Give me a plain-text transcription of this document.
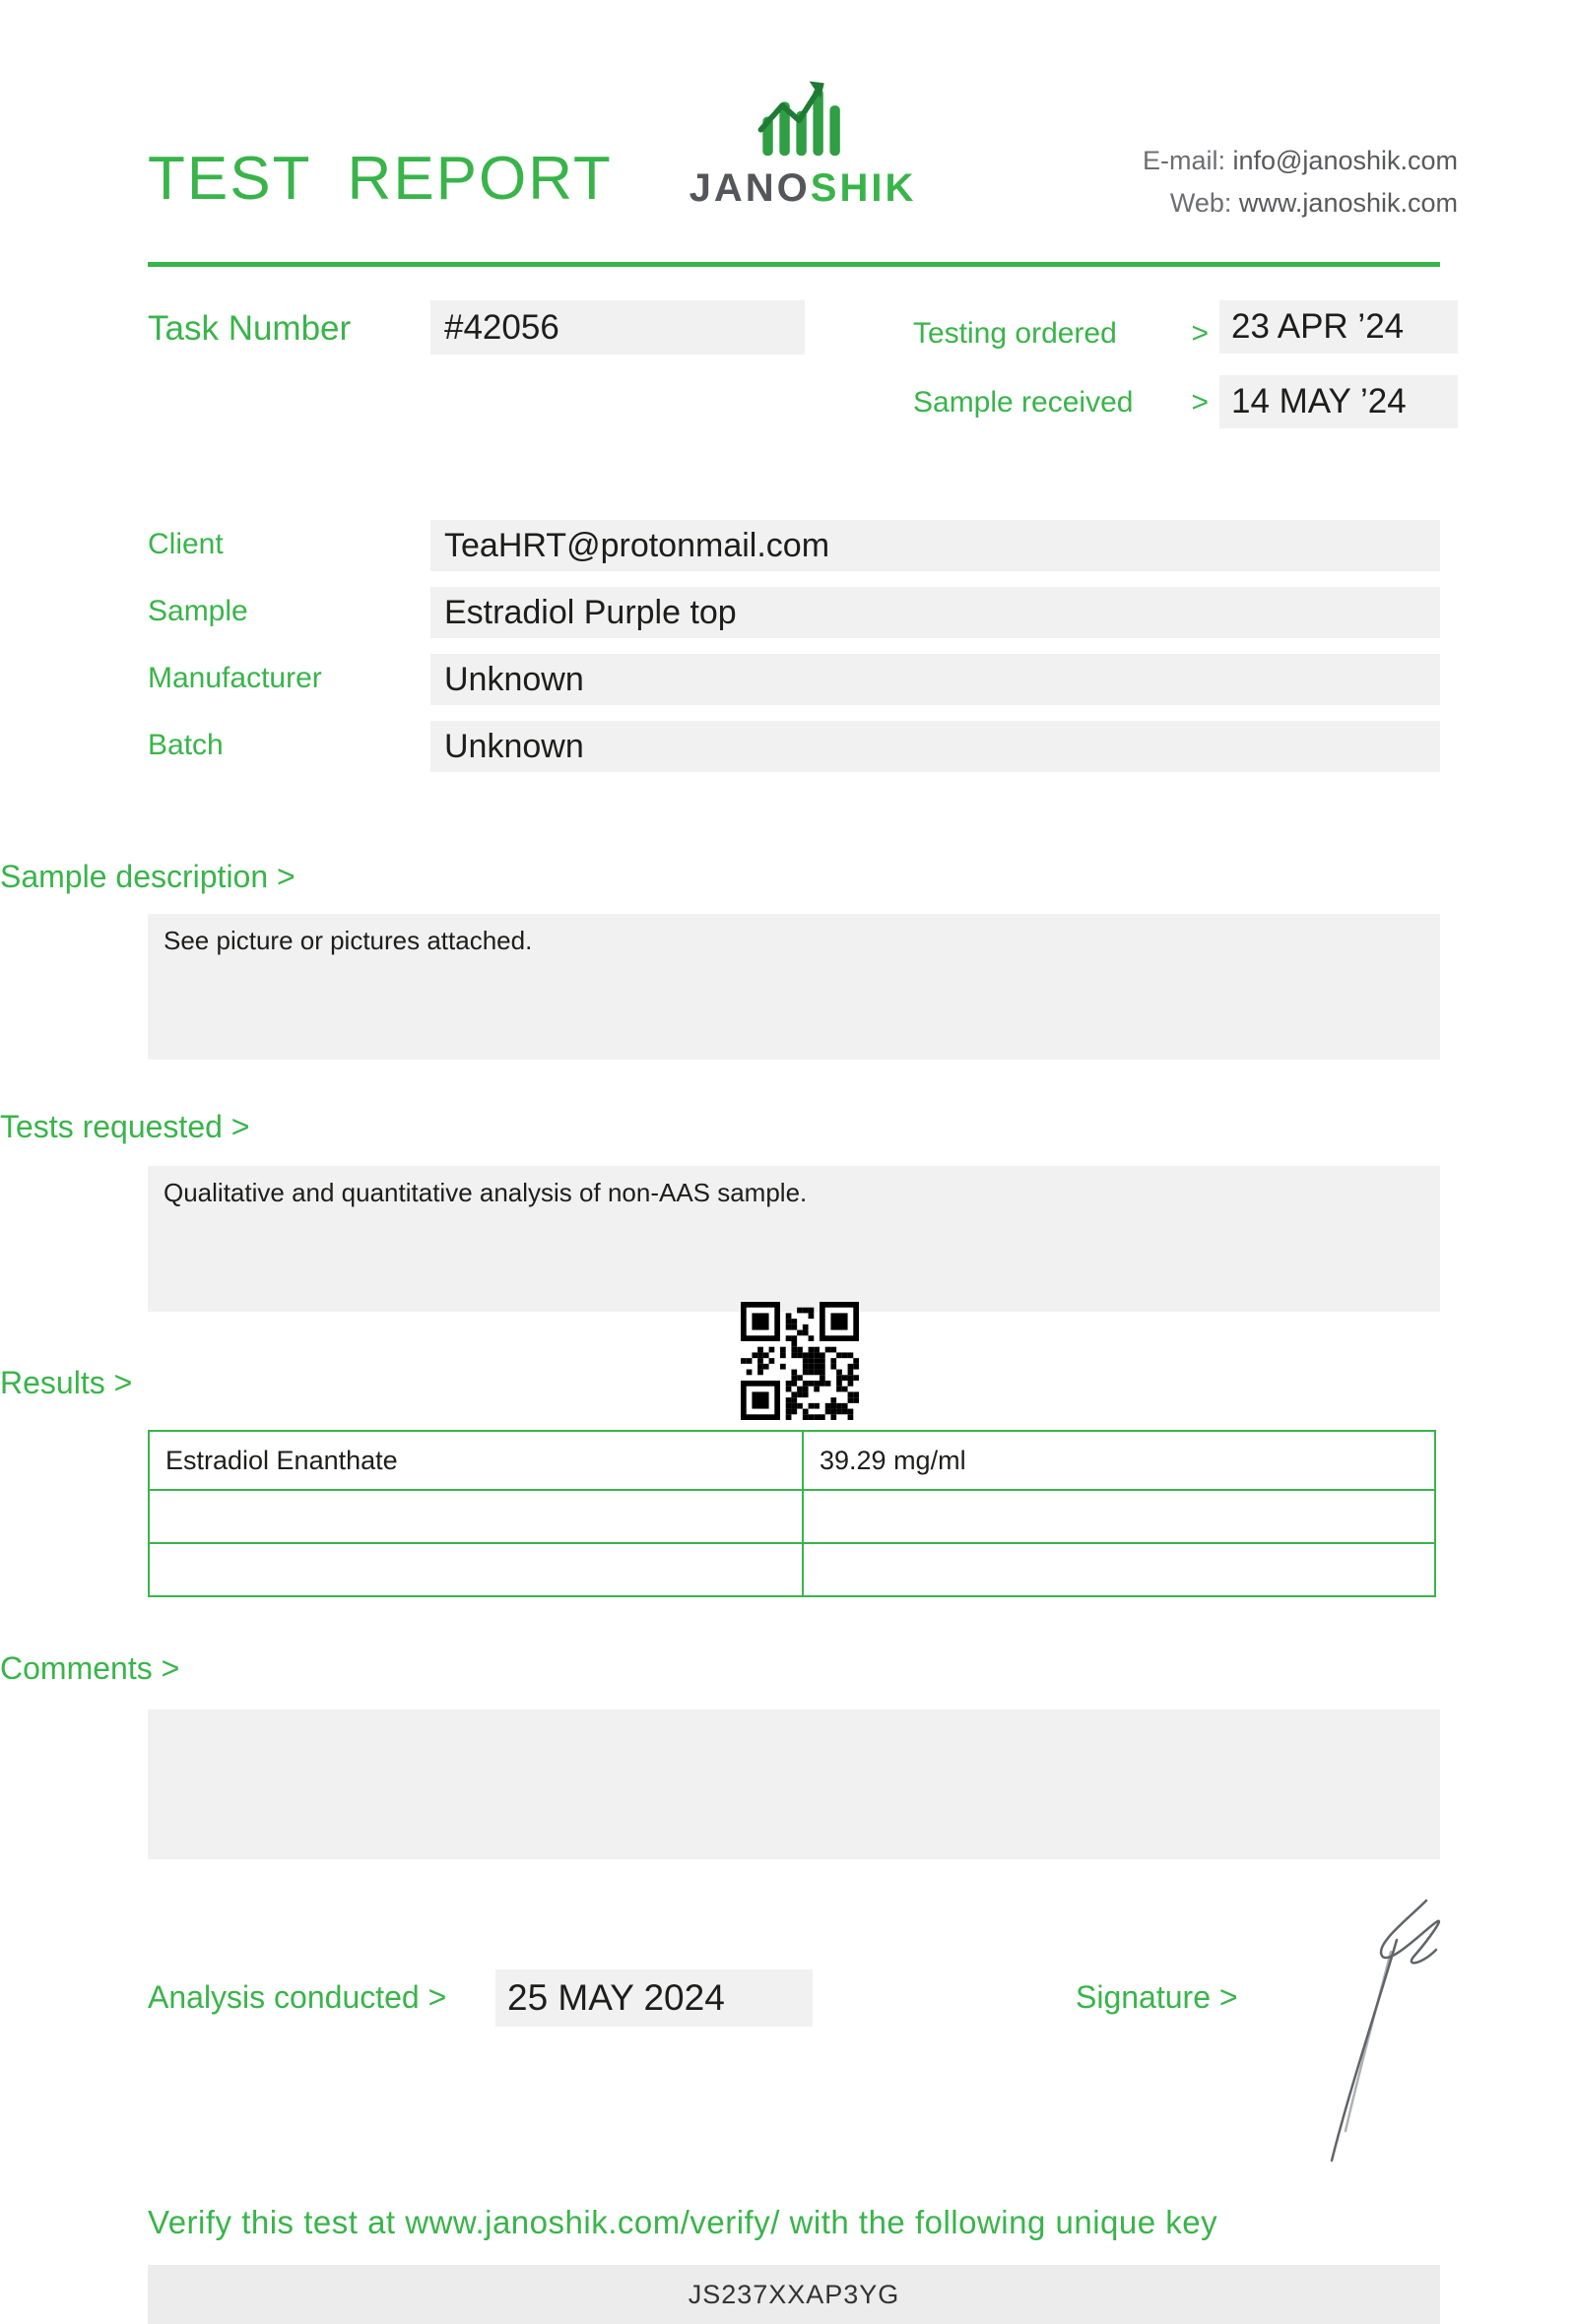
TEST REPORT	JANOSHIK
E-mail: info@janoshik.com
Web: www.janoshik.com
Task Number	#42056	Testing ordered	> 23 APR ’24
Sample received > 14 MAY ’24
Client	TeaHRT@protonmail.com
Sample	Estradiol Purple top
Manufacturer	Unknown
Batch	Unknown
Sample description >
See picture or pictures attached.
Tests requested >
Qualitative and quantitative analysis of non-AAS sample.
Results >
Estradiol Enanthate	39.29 mg/ml
Comments >
Analysis conducted >	25 MAY 2024	Signature >
Verify this test at www.janoshik.com/verify/ with the following unique key
JS237XXAP3YG
